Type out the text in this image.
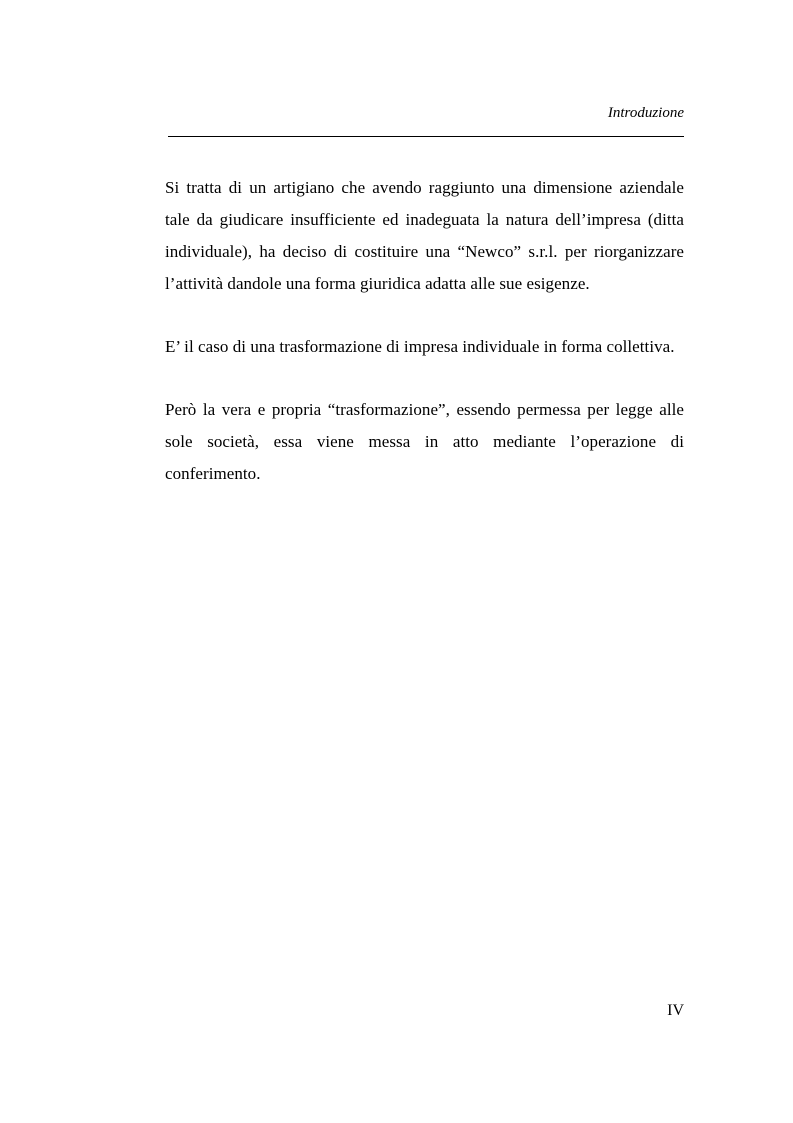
Introduzione

Si tratta di un artigiano che avendo raggiunto una dimensione aziendale tale da giudicare insufficiente ed inadeguata la natura dell’impresa (ditta individuale), ha deciso di costituire una “Newco” s.r.l. per riorganizzare l’attività dandole una forma giuridica adatta alle sue esigenze.

E’ il caso di una trasformazione di impresa individuale in forma collettiva.

Però la vera e propria “trasformazione”, essendo permessa per legge alle sole società, essa viene messa in atto mediante l’operazione di conferimento.

IV
